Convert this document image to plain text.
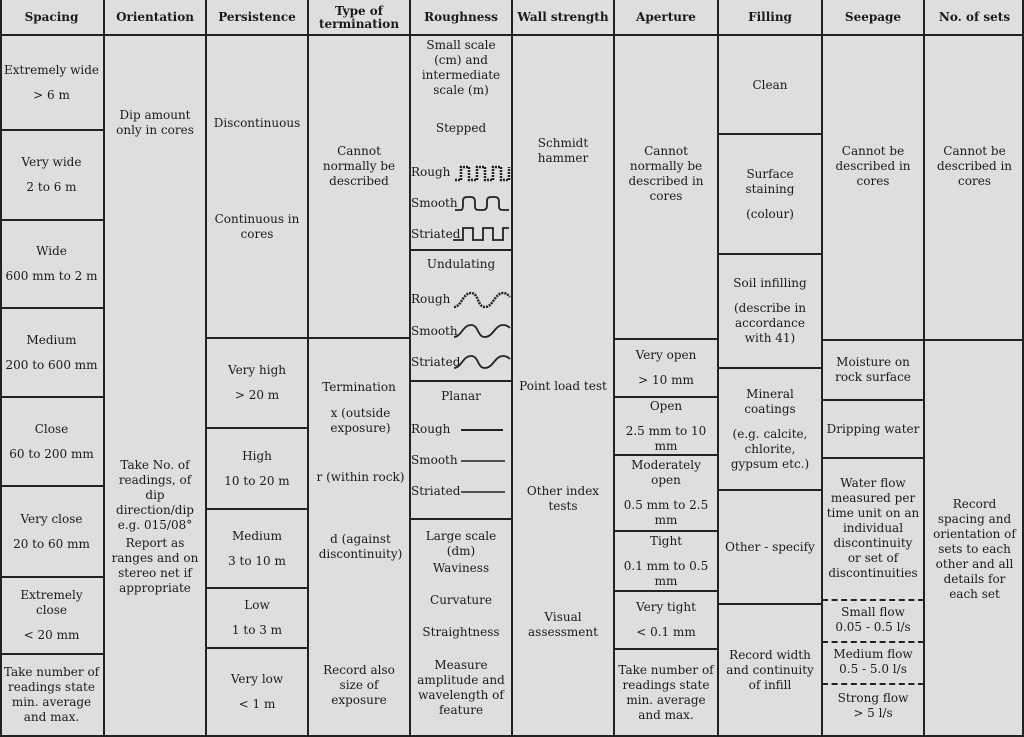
Spacing
Extremely wide
> 6 m
Very wide
2 to 6 m
Wide
600 mm to 2 m
Medium
200 to 600 mm
Close
60 to 200 mm
Very close
20 to 60 mm
Extremely close
< 20 mm
Take number of readings state min. average and max.
Orientation
Dip amount only in cores
Take No. of readings, of dip direction/dip e.g. 015/08°
Report as ranges and on stereo net if appropriate
Persistence
Discontinuous
Continuous in cores
Very high
> 20 m
High
10 to 20 m
Medium
3 to 10 m
Low
1 to 3 m
Very low
< 1 m
Type of termination
Cannot normally be described
Termination
x (outside exposure)
r (within rock)
d (against discontinuity)
Record also size of exposure
Roughness
Small scale (cm) and intermediate scale (m)
Stepped
Rough
Smooth
Striated
Undulating
Rough
Smooth
Striated
Planar
Rough
Smooth
Striated
Large scale (dm)
Waviness
Curvature
Straightness
Measure amplitude and wavelength of feature
Wall strength
Schmidt hammer
Point load test
Other index tests
Visual assessment
Aperture
Cannot normally be described in cores
Very open
> 10 mm
Open
2.5 mm to 10 mm
Moderately open
0.5 mm to 2.5 mm
Tight
0.1 mm to 0.5 mm
Very tight
< 0.1 mm
Take number of readings state min. average and max.
Filling
Clean
Surface staining
(colour)
Soil infilling
(describe in accordance with 41)
Mineral coatings
(e.g. calcite, chlorite, gypsum etc.)
Other - specify
Record width and continuity of infill
Seepage
Cannot be described in cores
Moisture on rock surface
Dripping water
Water flow measured per time unit on an individual discontinuity or set of discontinuities
Small flow
0.05 - 0.5 l/s
Medium flow
0.5 - 5.0 l/s
Strong flow
> 5 l/s
No. of sets
Cannot be described in cores
Record spacing and orientation of sets to each other and all details for each set
